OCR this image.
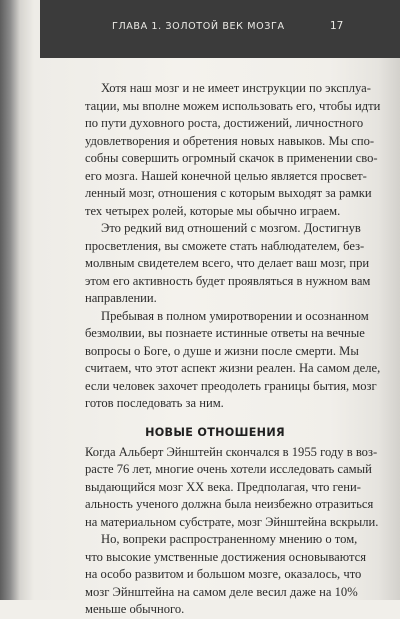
ГЛАВА 1. ЗОЛОТОЙ ВЕК МОЗГА	17

Хотя наш мозг и не имеет инструкции по эксплуа-
тации, мы вполне можем использовать его, чтобы идти
по пути духовного роста, достижений, личностного
удовлетворения и обретения новых навыков. Мы спо-
собны совершить огромный скачок в применении сво-
его мозга. Нашей конечной целью является просвет-
ленный мозг, отношения с которым выходят за рамки
тех четырех ролей, которые мы обычно играем.

Это редкий вид отношений с мозгом. Достигнув
просветления, вы сможете стать наблюдателем, без-
молвным свидетелем всего, что делает ваш мозг, при
этом его активность будет проявляться в нужном вам
направлении.

Пребывая в полном умиротворении и осознанном
безмолвии, вы познаете истинные ответы на вечные
вопросы о Боге, о душе и жизни после смерти. Мы
считаем, что этот аспект жизни реален. На самом деле,
если человек захочет преодолеть границы бытия, мозг
готов последовать за ним.

НОВЫЕ ОТНОШЕНИЯ

Когда Альберт Эйнштейн скончался в 1955 году в воз-
расте 76 лет, многие очень хотели исследовать самый
выдающийся мозг XX века. Предполагая, что гени-
альность ученого должна была неизбежно отразиться
на материальном субстрате, мозг Эйнштейна вскрыли.

Но, вопреки распространенному мнению о том,
что высокие умственные достижения основываются
на особо развитом и большом мозге, оказалось, что
мозг Эйнштейна на самом деле весил даже на 10%
меньше обычного.
